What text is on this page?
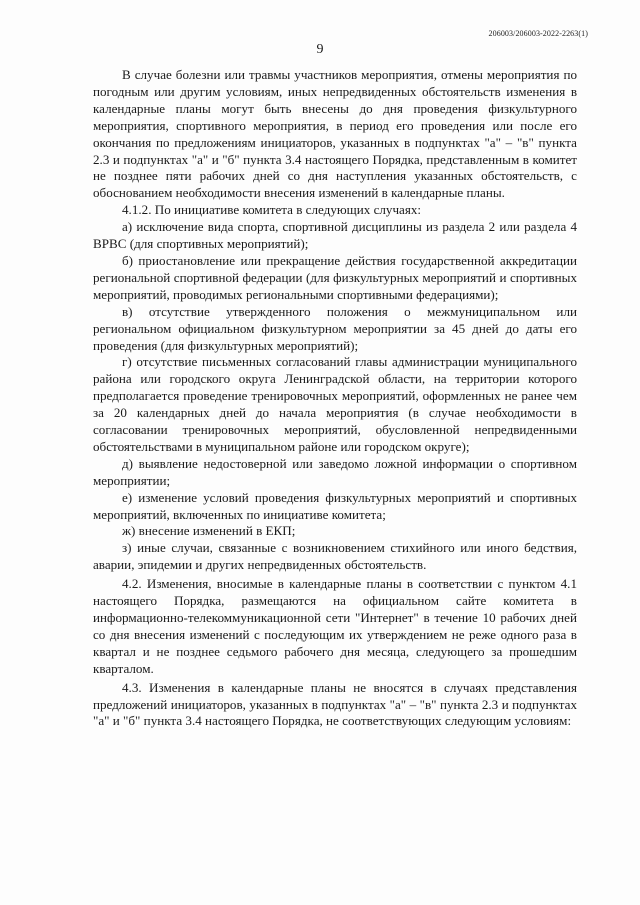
206003/206003-2022-2263(1)
9

В случае болезни или травмы участников мероприятия, отмены мероприятия по погодным или другим условиям, иных непредвиденных обстоятельств изменения в календарные планы могут быть внесены до дня проведения физкультурного мероприятия, спортивного мероприятия, в период его проведения или после его окончания по предложениям инициаторов, указанных в подпунктах "а" – "в" пункта 2.3 и подпунктах "а" и "б" пункта 3.4 настоящего Порядка, представленным в комитет не позднее пяти рабочих дней со дня наступления указанных обстоятельств, с обоснованием необходимости внесения изменений в календарные планы.

4.1.2. По инициативе комитета в следующих случаях:

а) исключение вида спорта, спортивной дисциплины из раздела 2 или раздела 4 ВРВС (для спортивных мероприятий);

б) приостановление или прекращение действия государственной аккредитации региональной спортивной федерации (для физкультурных мероприятий и спортивных мероприятий, проводимых региональными спортивными федерациями);

в) отсутствие утвержденного положения о межмуниципальном или региональном официальном физкультурном мероприятии за 45 дней до даты его проведения (для физкультурных мероприятий);

г) отсутствие письменных согласований главы администрации муниципального района или городского округа Ленинградской области, на территории которого предполагается проведение тренировочных мероприятий, оформленных не ранее чем за 20 календарных дней до начала мероприятия (в случае необходимости в согласовании тренировочных мероприятий, обусловленной непредвиденными обстоятельствами в муниципальном районе или городском округе);

д) выявление недостоверной или заведомо ложной информации о спортивном мероприятии;

е) изменение условий проведения физкультурных мероприятий и спортивных мероприятий, включенных по инициативе комитета;

ж) внесение изменений в ЕКП;

з) иные случаи, связанные с возникновением стихийного или иного бедствия, аварии, эпидемии и других непредвиденных обстоятельств.

4.2. Изменения, вносимые в календарные планы в соответствии с пунктом 4.1 настоящего Порядка, размещаются на официальном сайте комитета в информационно-телекоммуникационной сети "Интернет" в течение 10 рабочих дней со дня внесения изменений с последующим их утверждением не реже одного раза в квартал и не позднее седьмого рабочего дня месяца, следующего за прошедшим кварталом.

4.3. Изменения в календарные планы не вносятся в случаях представления предложений инициаторов, указанных в подпунктах "а" – "в" пункта 2.3 и подпунктах "а" и "б" пункта 3.4 настоящего Порядка, не соответствующих следующим условиям:
